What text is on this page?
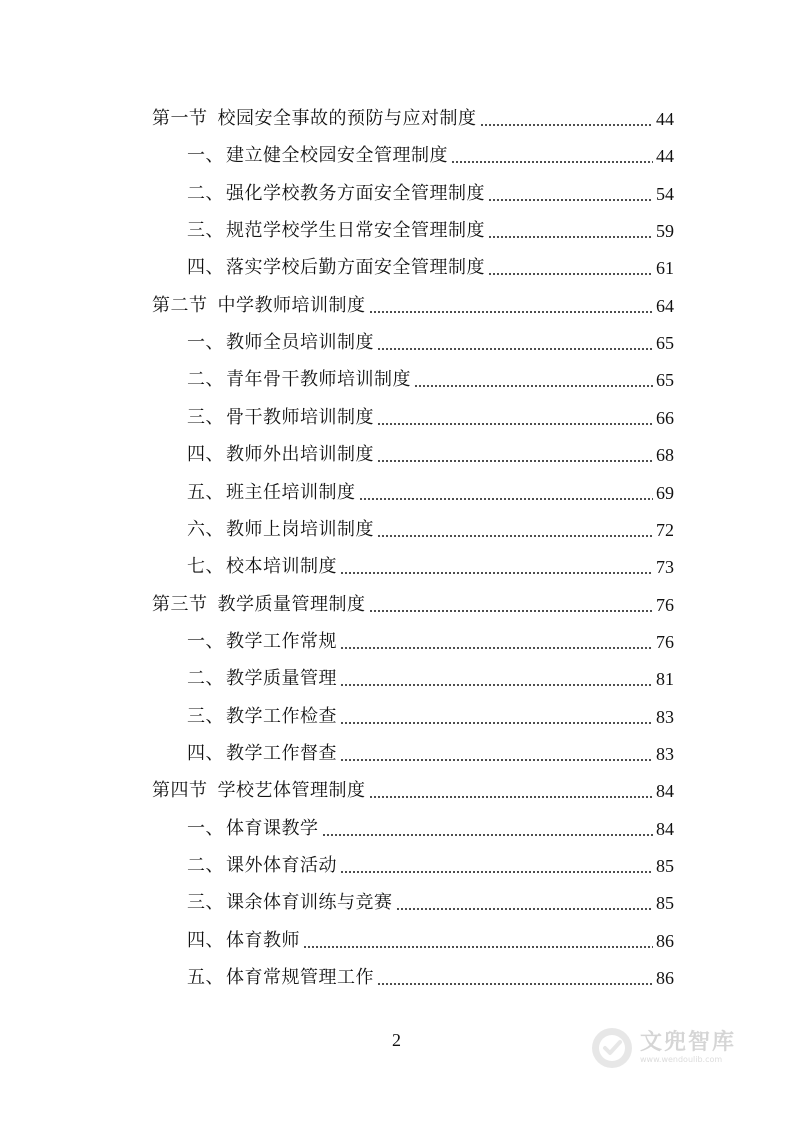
第一节 校园安全事故的预防与应对制度	44
一、 建立健全校园安全管理制度	44
二、 强化学校教务方面安全管理制度	54
三、 规范学校学生日常安全管理制度	59
四、 落实学校后勤方面安全管理制度	61
第二节 中学教师培训制度	64
一、 教师全员培训制度	65
二、 青年骨干教师培训制度	65
三、 骨干教师培训制度	66
四、 教师外出培训制度	68
五、 班主任培训制度	69
六、 教师上岗培训制度	72
七、 校本培训制度	73
第三节 教学质量管理制度	76
一、 教学工作常规	76
二、 教学质量管理	81
三、 教学工作检查	83
四、 教学工作督查	83
第四节 学校艺体管理制度	84
一、 体育课教学	84
二、 课外体育活动	85
三、 课余体育训练与竞赛	85
四、 体育教师	86
五、 体育常规管理工作	86
2	文兜智库
www.wendoulib.com
